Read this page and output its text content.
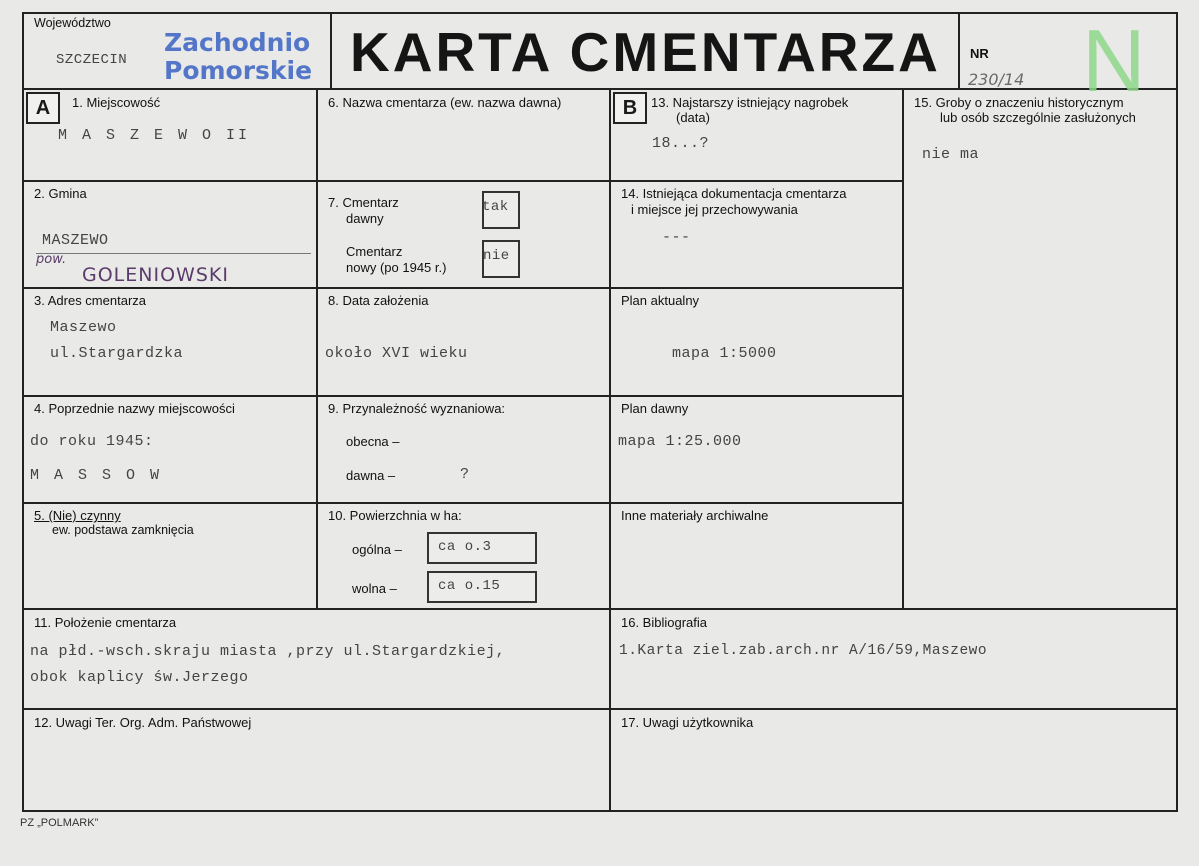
Województwo
SZCZECIN
Zachodnio
Pomorskie KARTA CMENTARZA NR
230/14 N
A	B
1. Miejscowość
M A S Z E W O II
2. Gmina
MASZEWO
pow.
GOLENIOWSKI
3. Adres cmentarza
Maszewo
ul.Stargardzka
4. Poprzednie nazwy miejscowości
do roku 1945:
M A S S O W
5. (Nie) czynny
ew. podstawa zamknięcia
6. Nazwa cmentarza (ew. nazwa dawna)
7. Cmentarz
dawny
tak
Cmentarz
nowy (po 1945 r.)
nie
8. Data założenia
około XVI wieku
9. Przynależność wyznaniowa:
obecna –
dawna –	?
10. Powierzchnia w ha:
ogólna –	ca o.3
wolna –	ca o.15
13. Najstarszy istniejący nagrobek
(data)
18...?
14. Istniejąca dokumentacja cmentarza
i miejsce jej przechowywania
---
Plan aktualny
mapa 1:5000
Plan dawny
mapa 1:25.000
Inne materiały archiwalne
15. Groby o znaczeniu historycznym
lub osób szczególnie zasłużonych
nie ma
11. Położenie cmentarza
na płd.-wsch.skraju miasta ,przy ul.Stargardzkiej,
obok kaplicy św.Jerzego
16. Bibliografia
1.Karta ziel.zab.arch.nr A/16/59,Maszewo
12. Uwagi Ter. Org. Adm. Państwowej	17. Uwagi użytkownika
PZ „POLMARK”
